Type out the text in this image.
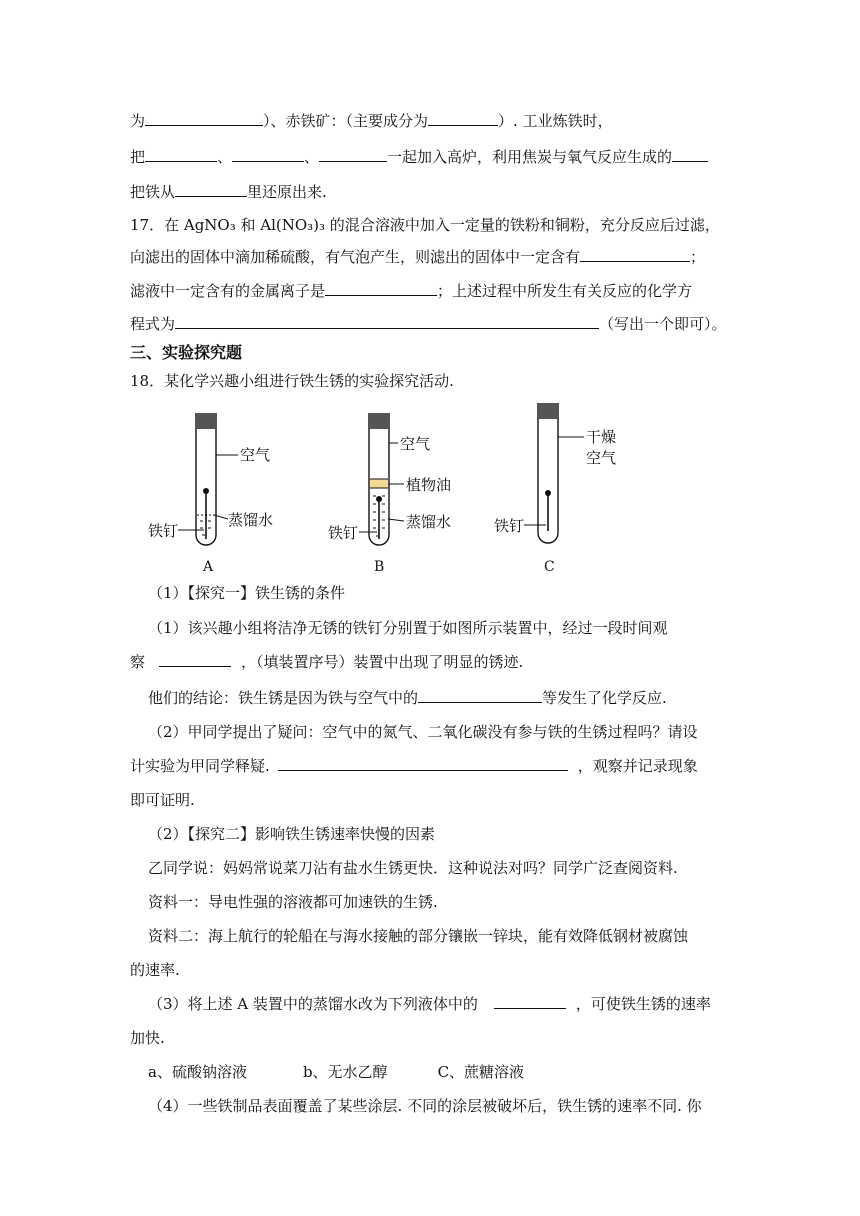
为	）、赤铁矿：（主要成分为	）. 工业炼铁时，
把	、	、	一起加入高炉，利用焦炭与氧气反应生成的
把铁从	里还原出来.
17．在 AgNO₃ 和 Al(NO₃)₃ 的混合溶液中加入一定量的铁粉和铜粉，充分反应后过滤，
向滤出的固体中滴加稀硫酸，有气泡产生，则滤出的固体中一定含有	；
滤液中一定含有的金属离子是	；上述过程中所发生有关反应的化学方
程式为	（写出一个即可）。
三、实验探究题
18．某化学兴趣小组进行铁生锈的实验探究活动.
空气
蒸馏水
铁钉
A
空气
植物油
蒸馏水
铁钉
B
干燥
空气
铁钉
C
（1）【探究一】铁生锈的条件
（1）该兴趣小组将洁净无锈的铁钉分别置于如图所示装置中，经过一段时间观
察	，（填装置序号）装置中出现了明显的锈迹.
他们的结论：铁生锈是因为铁与空气中的	等发生了化学反应.
（2）甲同学提出了疑问：空气中的氮气、二氧化碳没有参与铁的生锈过程吗？请设
计实验为甲同学释疑.	，观察并记录现象
即可证明.
（2）【探究二】影响铁生锈速率快慢的因素
乙同学说：妈妈常说菜刀沾有盐水生锈更快．这种说法对吗？同学广泛查阅资料.
资料一：导电性强的溶液都可加速铁的生锈.
资料二：海上航行的轮船在与海水接触的部分镶嵌一锌块，能有效降低钢材被腐蚀
的速率.
（3）将上述 A 装置中的蒸馏水改为下列液体中的	，可使铁生锈的速率
加快.
a、硫酸钠溶液	b、无水乙醇	C、蔗糖溶液
（4）一些铁制品表面覆盖了某些涂层. 不同的涂层被破坏后，铁生锈的速率不同. 你
